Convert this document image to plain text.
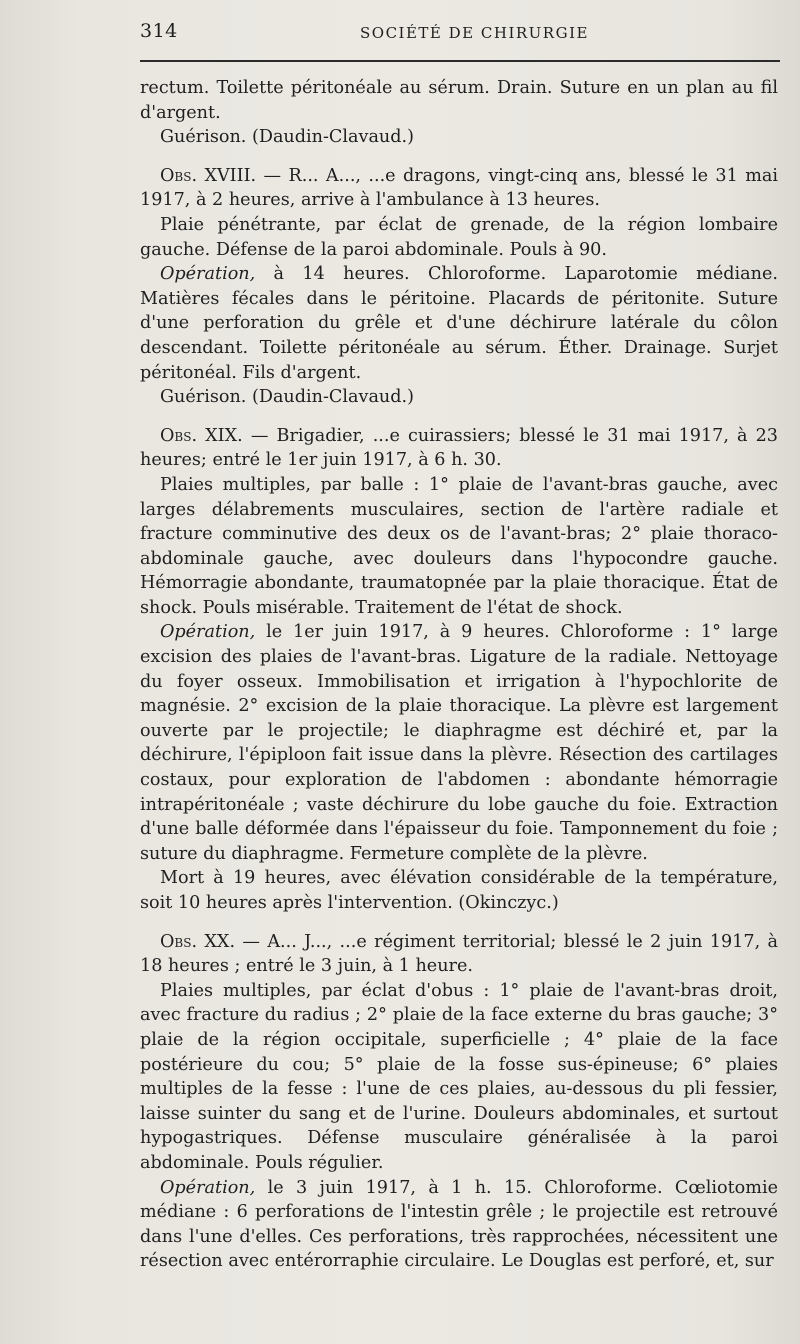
314	SOCIÉTÉ DE CHIRURGIE

rectum. Toilette péritonéale au sérum. Drain. Suture en un plan au fil d'argent.

Guérison. (Daudin-Clavaud.)

Obs. XVIII. — R... A..., ...e dragons, vingt-cinq ans, blessé le 31 mai 1917, à 2 heures, arrive à l'ambulance à 13 heures.

Plaie pénétrante, par éclat de grenade, de la région lombaire gauche. Défense de la paroi abdominale. Pouls à 90.

Opération, à 14 heures. Chloroforme. Laparotomie médiane. Matières fécales dans le péritoine. Placards de péritonite. Suture d'une perforation du grêle et d'une déchirure latérale du côlon descendant. Toilette péritonéale au sérum. Éther. Drainage. Surjet péritonéal. Fils d'argent.

Guérison. (Daudin-Clavaud.)

Obs. XIX. — Brigadier, ...e cuirassiers; blessé le 31 mai 1917, à 23 heures; entré le 1er juin 1917, à 6 h. 30.

Plaies multiples, par balle : 1° plaie de l'avant-bras gauche, avec larges délabrements musculaires, section de l'artère radiale et fracture comminutive des deux os de l'avant-bras; 2° plaie thoraco-abdominale gauche, avec douleurs dans l'hypocondre gauche. Hémorragie abondante, traumatopnée par la plaie thoracique. État de shock. Pouls misérable. Traitement de l'état de shock.

Opération, le 1er juin 1917, à 9 heures. Chloroforme : 1° large excision des plaies de l'avant-bras. Ligature de la radiale. Nettoyage du foyer osseux. Immobilisation et irrigation à l'hypochlorite de magnésie. 2° excision de la plaie thoracique. La plèvre est largement ouverte par le projectile; le diaphragme est déchiré et, par la déchirure, l'épiploon fait issue dans la plèvre. Résection des cartilages costaux, pour exploration de l'abdomen : abondante hémorragie intrapéritonéale ; vaste déchirure du lobe gauche du foie. Extraction d'une balle déformée dans l'épaisseur du foie. Tamponnement du foie ; suture du diaphragme. Fermeture complète de la plèvre.

Mort à 19 heures, avec élévation considérable de la température, soit 10 heures après l'intervention. (Okinczyc.)

Obs. XX. — A... J..., ...e régiment territorial; blessé le 2 juin 1917, à 18 heures ; entré le 3 juin, à 1 heure.

Plaies multiples, par éclat d'obus : 1° plaie de l'avant-bras droit, avec fracture du radius ; 2° plaie de la face externe du bras gauche; 3° plaie de la région occipitale, superficielle ; 4° plaie de la face postérieure du cou; 5° plaie de la fosse sus-épineuse; 6° plaies multiples de la fesse : l'une de ces plaies, au-dessous du pli fessier, laisse suinter du sang et de l'urine. Douleurs abdominales, et surtout hypogastriques. Défense musculaire généralisée à la paroi abdominale. Pouls régulier.

Opération, le 3 juin 1917, à 1 h. 15. Chloroforme. Cœliotomie médiane : 6 perforations de l'intestin grêle ; le projectile est retrouvé dans l'une d'elles. Ces perforations, très rapprochées, nécessitent une résection avec entérorraphie circulaire. Le Douglas est perforé, et, sur
